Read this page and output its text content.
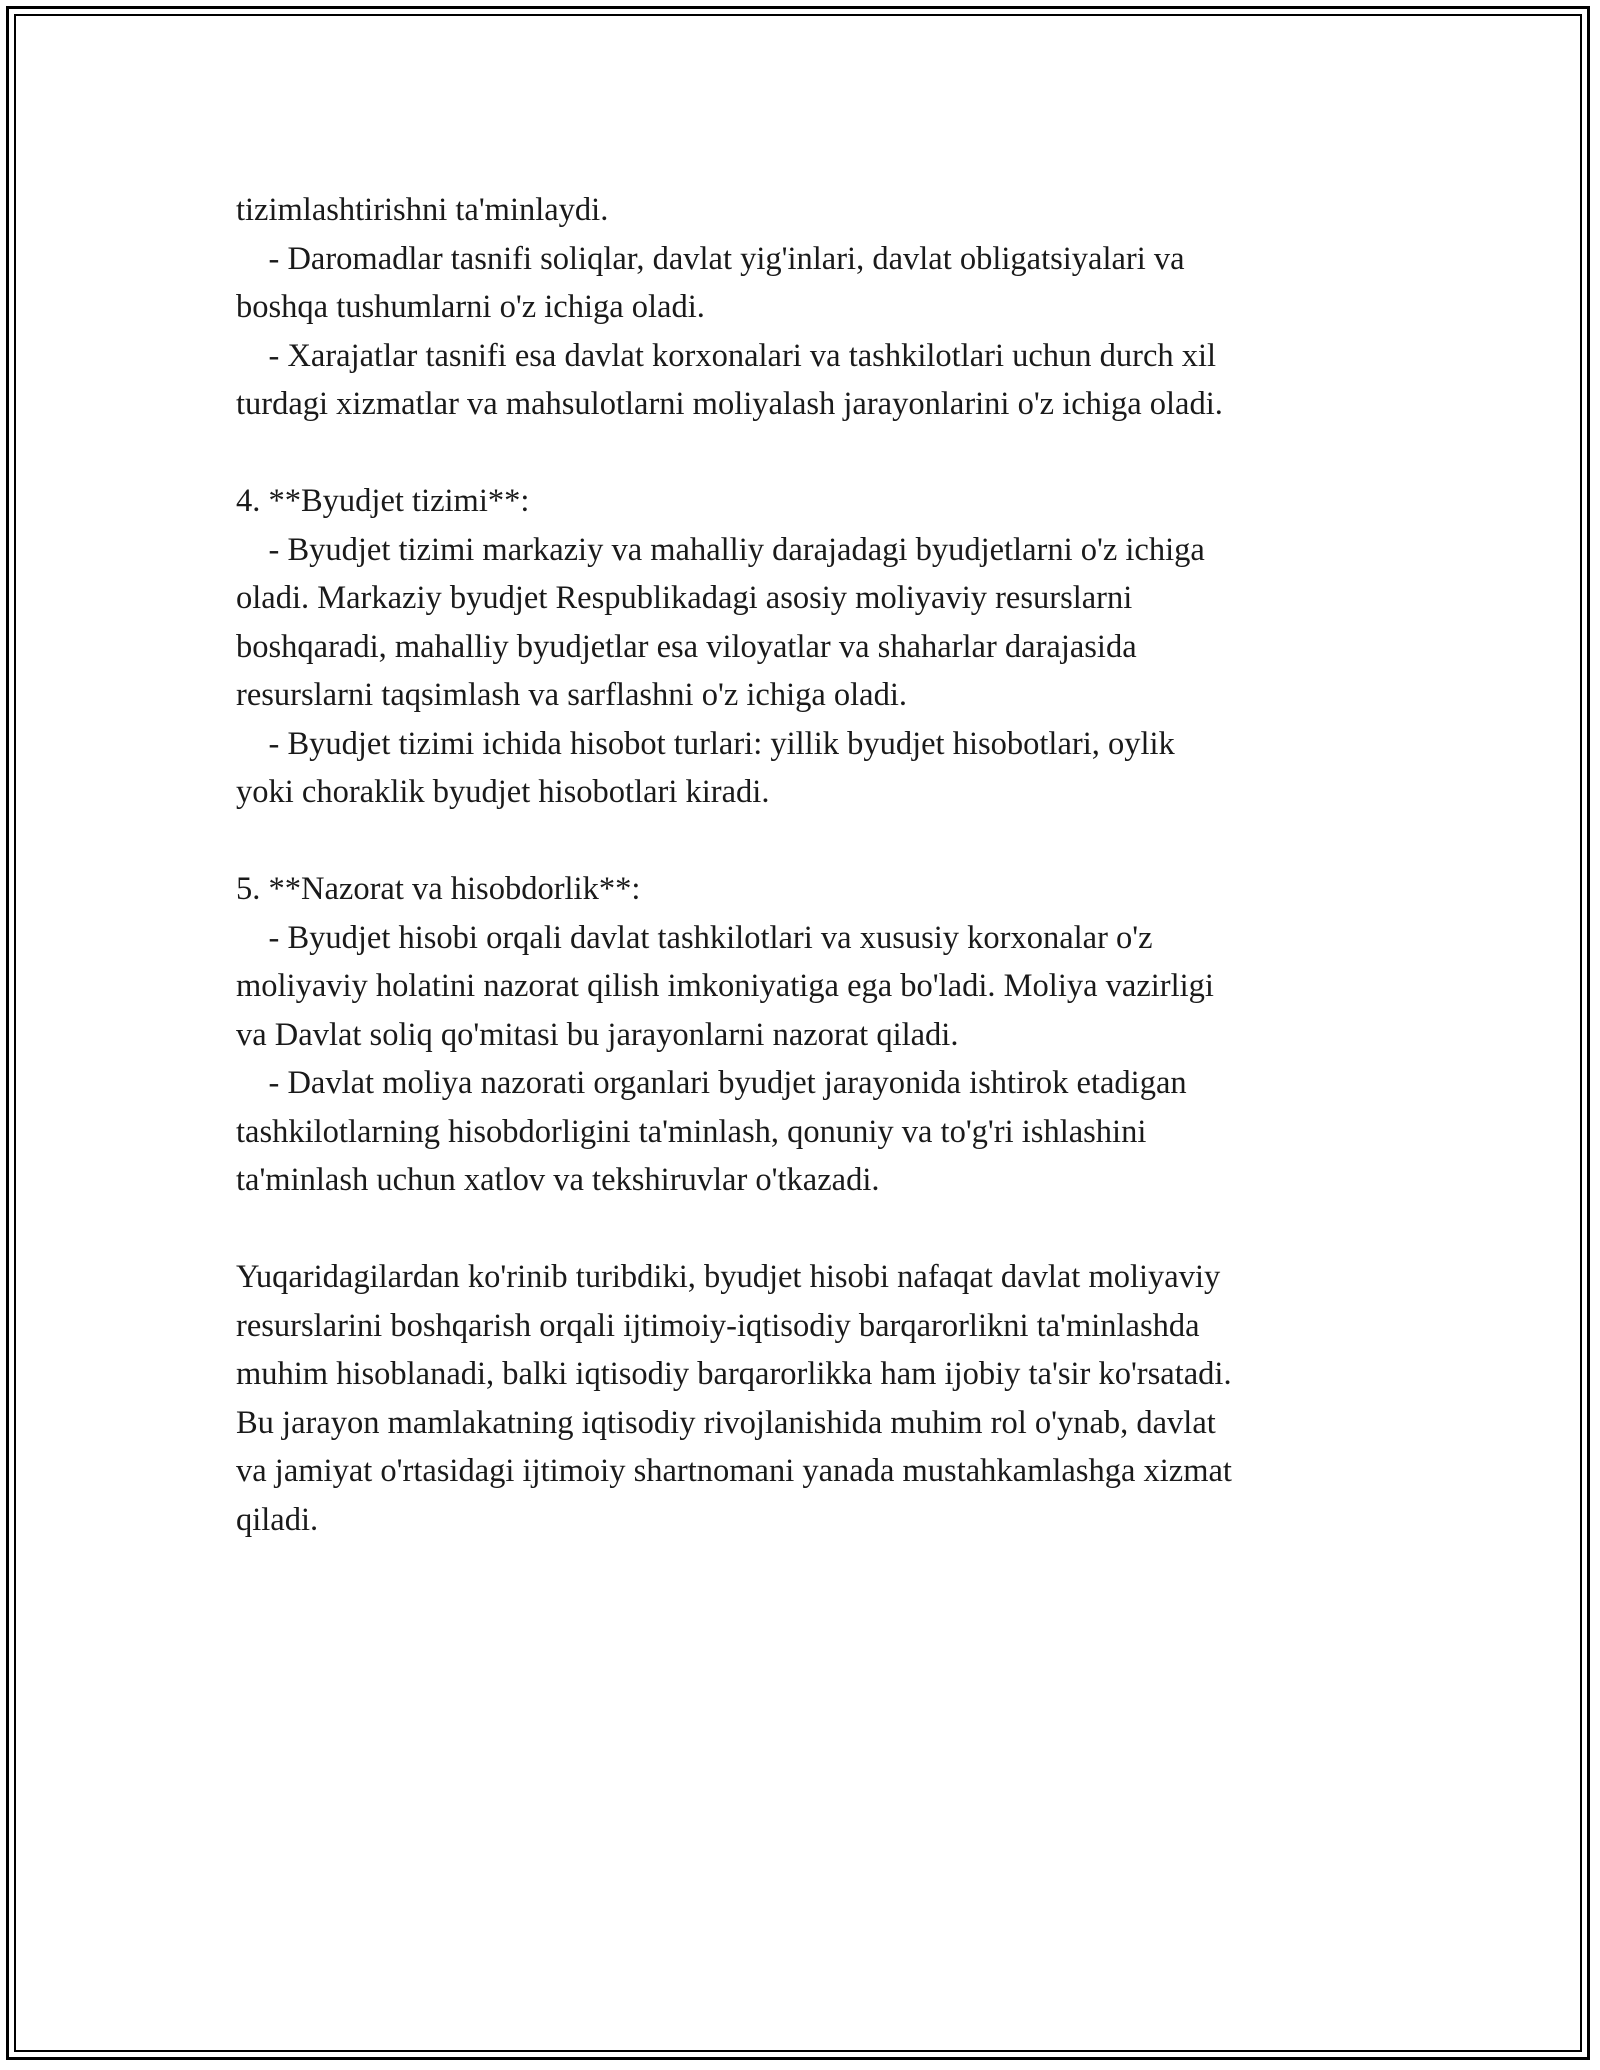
tizimlashtirishni ta'minlaydi.
- Daromadlar tasnifi soliqlar, davlat yig'inlari, davlat obligatsiyalari va
boshqa tushumlarni o'z ichiga oladi.
- Xarajatlar tasnifi esa davlat korxonalari va tashkilotlari uchun durch xil
turdagi xizmatlar va mahsulotlarni moliyalash jarayonlarini o'z ichiga oladi.
4. **Byudjet tizimi**:
- Byudjet tizimi markaziy va mahalliy darajadagi byudjetlarni o'z ichiga
oladi. Markaziy byudjet Respublikadagi asosiy moliyaviy resurslarni
boshqaradi, mahalliy byudjetlar esa viloyatlar va shaharlar darajasida
resurslarni taqsimlash va sarflashni o'z ichiga oladi.
- Byudjet tizimi ichida hisobot turlari: yillik byudjet hisobotlari, oylik
yoki choraklik byudjet hisobotlari kiradi.
5. **Nazorat va hisobdorlik**:
- Byudjet hisobi orqali davlat tashkilotlari va xususiy korxonalar o'z
moliyaviy holatini nazorat qilish imkoniyatiga ega bo'ladi. Moliya vazirligi
va Davlat soliq qo'mitasi bu jarayonlarni nazorat qiladi.
- Davlat moliya nazorati organlari byudjet jarayonida ishtirok etadigan
tashkilotlarning hisobdorligini ta'minlash, qonuniy va to'g'ri ishlashini
ta'minlash uchun xatlov va tekshiruvlar o'tkazadi.
Yuqaridagilardan ko'rinib turibdiki, byudjet hisobi nafaqat davlat moliyaviy
resurslarini boshqarish orqali ijtimoiy-iqtisodiy barqarorlikni ta'minlashda
muhim hisoblanadi, balki iqtisodiy barqarorlikka ham ijobiy ta'sir ko'rsatadi.
Bu jarayon mamlakatning iqtisodiy rivojlanishida muhim rol o'ynab, davlat
va jamiyat o'rtasidagi ijtimoiy shartnomani yanada mustahkamlashga xizmat
qiladi.
